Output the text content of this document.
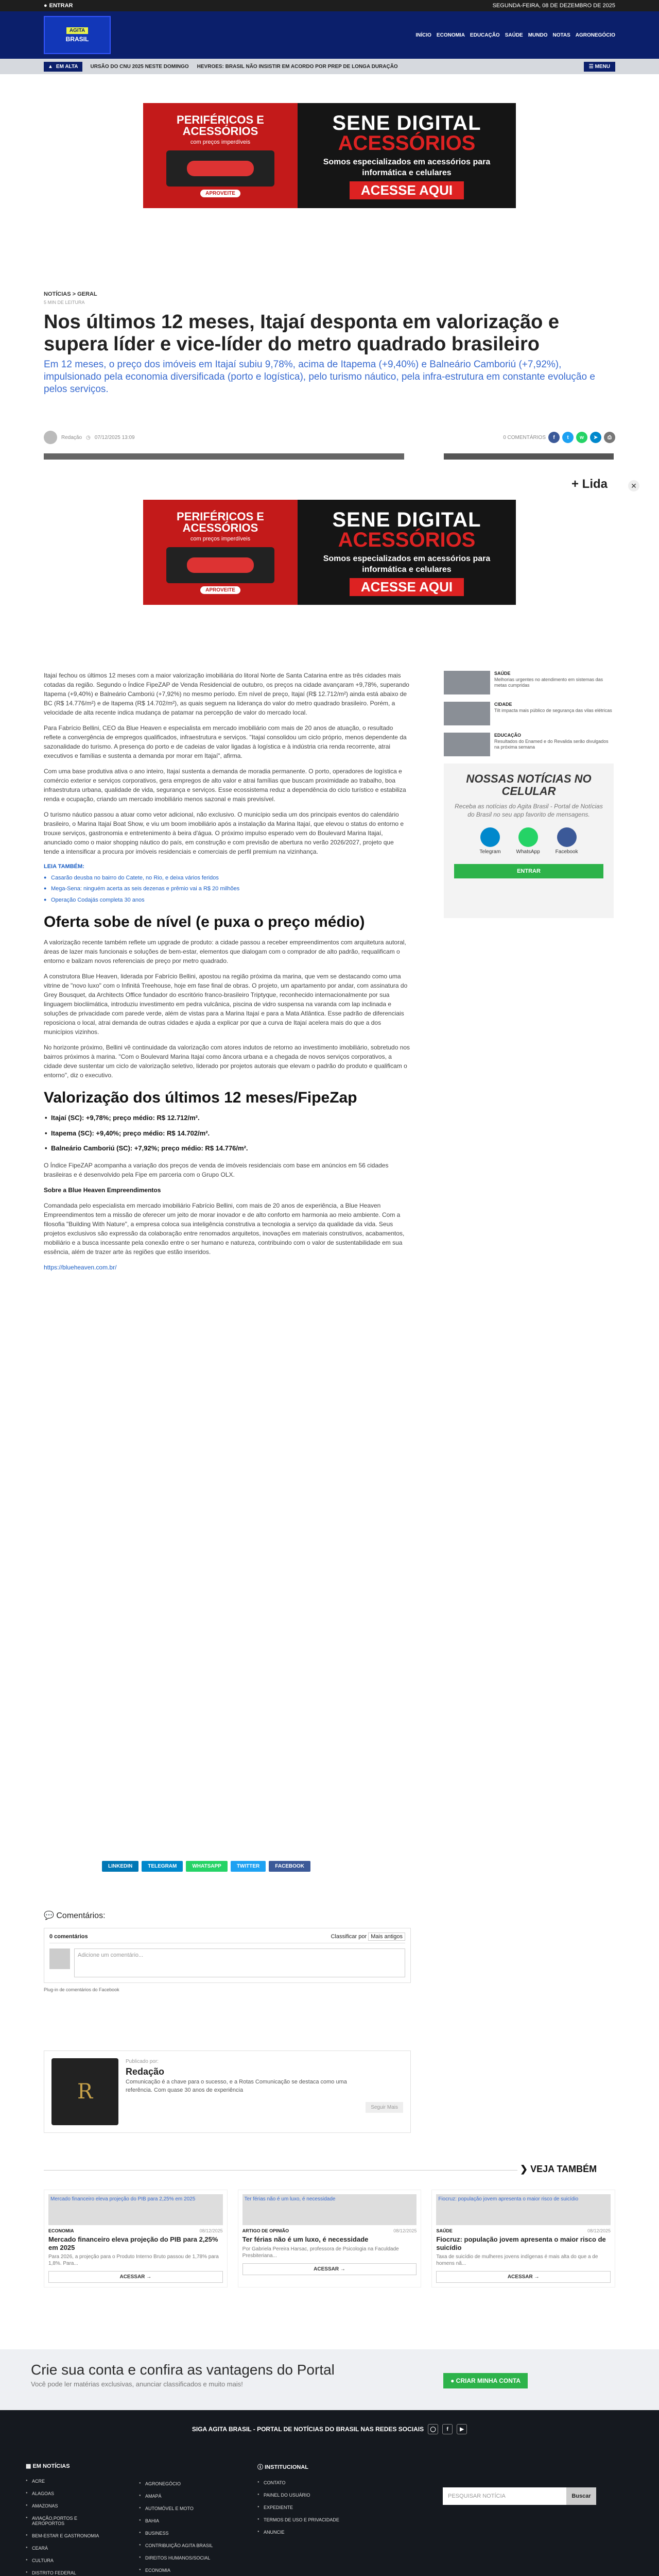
● ENTRAR	SEGUNDA-FEIRA, 08 DE DEZEMBRO DE 2025
AGITA
BRASIL
INÍCIO ECONOMIA EDUCAÇÃO SAÚDE MUNDO NOTAS AGRONEGÓCIO
▲ EM ALTA URSÃO DO CNU 2025 NESTE DOMINGO HEVROES: BRASIL NÃO INSISTIR EM ACORDO POR PREP DE LONGA DURAÇÃO	☰ MENU
PERIFÉRICOS E ACESSÓRIOS
com preços imperdíveis
APROVEITE
SENE DIGITAL
ACESSÓRIOS
Somos especializados em acessórios para informática e celulares
ACESSE AQUI
NOTÍCIAS > GERAL
5 MIN DE LEITURA
Nos últimos 12 meses, Itajaí desponta em valorização e supera líder e vice-líder do metro quadrado brasileiro
Em 12 meses, o preço dos imóveis em Itajaí subiu 9,78%, acima de Itapema (+9,40%) e Balneário Camboriú (+7,92%), impulsionado pela economia diversificada (porto e logística), pelo turismo náutico, pela infra-estrutura em constante evolução e pelos serviços.
Redação ◷ 07/12/2025 13:09	0 COMENTÁRIOS	f	t	w	➤	⎙
+ Lida	✕
PERIFÉRICOS E ACESSÓRIOS
com preços imperdíveis
APROVEITE
SENE DIGITAL
ACESSÓRIOS
Somos especializados em acessórios para informática e celulares
ACESSE AQUI

Itajaí fechou os últimos 12 meses com a maior valorização imobiliária do litoral Norte de Santa Catarina entre as três cidades mais cotadas da região. Segundo o Índice FipeZAP de Venda Residencial de outubro, os preços na cidade avançaram +9,78%, superando Itapema (+9,40%) e Balneário Camboriú (+7,92%) no mesmo período. Em nível de preço, Itajaí (R$ 12.712/m²) ainda está abaixo de BC (R$ 14.776/m²) e de Itapema (R$ 14.702/m²), as quais seguem na liderança do valor do metro quadrado brasileiro. Porém, a velocidade de alta recente indica mudança de patamar na percepção de valor do mercado local.

Para Fabrício Bellini, CEO da Blue Heaven e especialista em mercado imobiliário com mais de 20 anos de atuação, o resultado reflete a convergência de empregos qualificados, infraestrutura e serviços. "Itajaí consolidou um ciclo próprio, menos dependente da sazonalidade do turismo. A presença do porto e de cadeias de valor ligadas à logística e à indústria cria renda recorrente, atrai executivos e famílias e sustenta a demanda por morar em Itajaí", afirma.

Com uma base produtiva ativa o ano inteiro, Itajaí sustenta a demanda de moradia permanente. O porto, operadores de logística e comércio exterior e serviços corporativos, gera empregos de alto valor e atrai famílias que buscam proximidade ao trabalho, boa infraestrutura urbana, qualidade de vida, segurança e serviços. Esse ecossistema reduz a dependência do ciclo turístico e estabiliza renda e ocupação, criando um mercado imobiliário menos sazonal e mais previsível.

O turismo náutico passou a atuar como vetor adicional, não exclusivo. O município sedia um dos principais eventos do calendário brasileiro, o Marina Itajaí Boat Show, e viu um boom imobiliário após a instalação da Marina Itajaí, que elevou o status do entorno e trouxe serviços, gastronomia e entretenimento à beira d'água. O próximo impulso esperado vem do Boulevard Marina Itajaí, anunciado como o maior shopping náutico do país, em construção e com previsão de abertura no verão 2026/2027, projeto que tende a intensificar a procura por imóveis residenciais e comerciais de perfil premium na vizinhança.

LEIA TAMBÉM:
● Casarão deusba no bairro do Catete, no Rio, e deixa vários feridos
● Mega-Sena: ninguém acerta as seis dezenas e prêmio vai a R$ 20 milhões
● Operação Codajás completa 30 anos
Oferta sobe de nível (e puxa o preço médio)

A valorização recente também reflete um upgrade de produto: a cidade passou a receber empreendimentos com arquitetura autoral, áreas de lazer mais funcionais e soluções de bem-estar, elementos que dialogam com o comprador de alto padrão, requalificam o entorno e balizam novos referenciais de preço por metro quadrado.

A construtora Blue Heaven, liderada por Fabrício Bellini, apostou na região próxima da marina, que vem se destacando como uma vitrine de "novo luxo" com o Infinitá Treehouse, hoje em fase final de obras. O projeto, um apartamento por andar, com assinatura do Grey Bousquet, da Architects Office fundador do escritório franco-brasileiro Triptyque, reconhecido internacionalmente por sua linguagem biocliimática, introduziu investimento em pedra vulcânica, piscina de vidro suspensa na varanda com lap inclinada e soluções de privacidade com parede verde, além de vistas para a Marina Itajaí e para a Mata Atlântica. Esse padrão de diferenciais reposiciona o local, atrai demanda de outras cidades e ajuda a explicar por que a curva de Itajaí acelera mais do que a dos municípios vizinhos.

No horizonte próximo, Bellini vê continuidade da valorização com atores indutos de retorno ao investimento imobiliário, sobretudo nos bairros próximos à marina. "Com o Boulevard Marina Itajaí como âncora urbana e a chegada de novos serviços corporativos, a cidade deve sustentar um ciclo de valorização seletivo, liderado por projetos autorais que elevam o padrão do produto e qualificam o entorno", diz o executivo.

Valorização dos últimos 12 meses/FipeZap
• Itajaí (SC): +9,78%; preço médio: R$ 12.712/m².
• Itapema (SC): +9,40%; preço médio: R$ 14.702/m².
• Balneário Camboriú (SC): +7,92%; preço médio: R$ 14.776/m².

O Índice FipeZAP acompanha a variação dos preços de venda de imóveis residenciais com base em anúncios em 56 cidades brasileiras e é desenvolvido pela Fipe em parceria com o Grupo OLX.

Sobre a Blue Heaven Empreendimentos

Comandada pelo especialista em mercado imobiliário Fabrício Bellini, com mais de 20 anos de experiência, a Blue Heaven Empreendimentos tem a missão de oferecer um jeito de morar inovador e de alto conforto em harmonia ao meio ambiente. Com a filosofia "Building With Nature", a empresa coloca sua inteligência construtiva a tecnologia a serviço da qualidade da vida. Seus projetos exclusivos são expressão da colaboração entre renomados arquitetos, inovações em materiais construtivos, acabamentos, mobiliário e a busca incessante pela conexão entre o ser humano e natureza, contribuindo com o valor de sustentabilidade em sua essência, além de trazer arte às regiões que estão inseridos.

https://blueheaven.com.br/

LINKEDIN	TELEGRAM	WHATSAPP	TWITTER	FACEBOOK
SAÚDE
Melhorias urgentes no atendimento em sistemas das metas cumpridas
CIDADE
Tilt impacta mais público de segurança das vilas elétricas
EDUCAÇÃO
Resultados do Enamed e do Revalida serão divulgados na próxima semana
NOSSAS NOTÍCIAS NO CELULAR

Receba as notícias do Agita Brasil - Portal de Notícias do Brasil no seu app favorito de mensagens.

Telegram	WhatsApp	Facebook
ENTRAR
💬 Comentários:
0 comentários	Classificar por Mais antigos
Adicione um comentário...
Plug-in de comentários do Facebook
R
Publicado por:
Redação
Comunicação é a chave para o sucesso, e a Rotas Comunicação se destaca como uma referência. Com quase 30 anos de experiência
Seguir Mais
❯ VEJA TAMBÉM
Mercado financeiro eleva projeção do PIB para 2,25% em 2025
ECONOMIA	08/12/2025
Mercado financeiro eleva projeção do PIB para 2,25% em 2025
Para 2026, a projeção para o Produto Interno Bruto passou de 1,78% para 1,8%. Para...
ACESSAR →
Ter férias não é um luxo, é necessidade
ARTIGO DE OPINIÃO	08/12/2025
Ter férias não é um luxo, é necessidade
Por Gabriela Pereira Harsac, professora de Psicologia na Faculdade Presbiteriana...
ACESSAR →
Fiocruz: população jovem apresenta o maior risco de suicídio
SAÚDE	08/12/2025
Fiocruz: população jovem apresenta o maior risco de suicídio
Taxa de suicídio de mulheres jovens indígenas é mais alta do que a de homens nã...
ACESSAR →
Crie sua conta e confira as vantagens do Portal
Você pode ler matérias exclusivas, anunciar classificados e muito mais!	● CRIAR MINHA CONTA
SIGA AGITA BRASIL - PORTAL DE NOTÍCIAS DO BRASIL NAS REDES SOCIAIS	◯	f	▶
▦ EM NOTÍCIAS
● ACRE
● ALAGOAS
● AMAZONAS
● AVIAÇÃO,PORTOS E AEROPORTOS
● BEM-ESTAR E GASTRONOMIA
● CEARÁ
● CULTURA
● DISTRITO FEDERAL
● AGRONEGÓCIO
● AMAPÁ
● AUTOMÓVEL E MOTO
● BAHIA
● BUSINESS
● CONTRIBUIÇÃO AGITA BRASIL
● DIREITOS HUMANOS/SOCIAL
● ECONOMIA
ⓘ INSTITUCIONAL
● CONTATO
● PAINEL DO USUÁRIO
● EXPEDIENTE
● TERMOS DE USO E PRIVACIDADE
● ANUNCIE
PESQUISAR NOTÍCIA	Buscar
